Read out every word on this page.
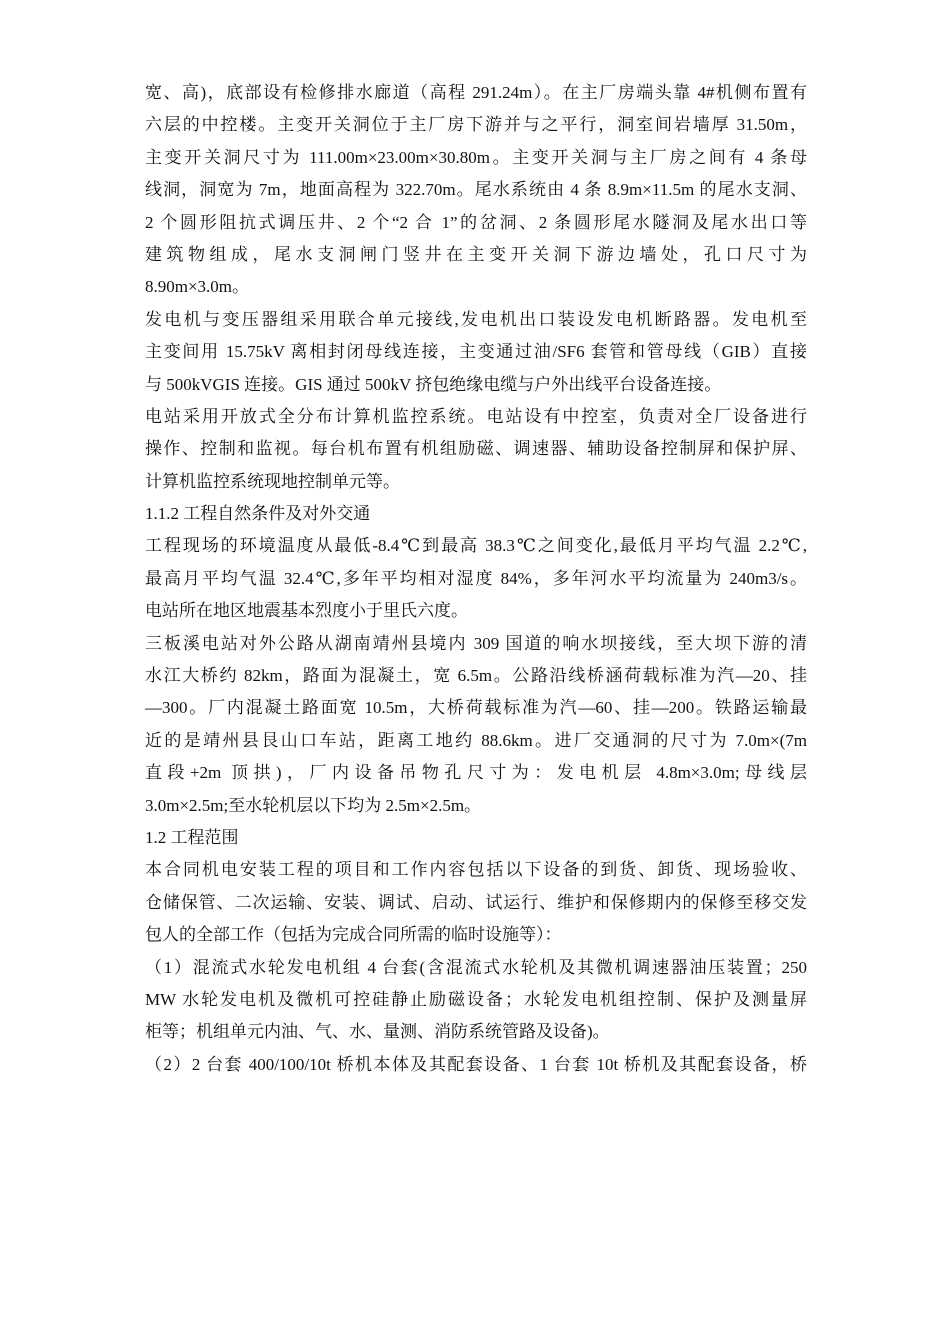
宽、高)，底部设有检修排水廊道（高程 291.24m）。在主厂房端头靠 4#机侧布置有
六层的中控楼。主变开关洞位于主厂房下游并与之平行，洞室间岩墙厚 31.50m，
主变开关洞尺寸为 111.00m×23.00m×30.80m。主变开关洞与主厂房之间有 4 条母
线洞，洞宽为 7m，地面高程为 322.70m。尾水系统由 4 条 8.9m×11.5m 的尾水支洞、
2 个圆形阻抗式调压井、2 个“2 合 1”的岔洞、2 条圆形尾水隧洞及尾水出口等
建筑物组成，尾水支洞闸门竖井在主变开关洞下游边墙处，孔口尺寸为
8.90m×3.0m。
发电机与变压器组采用联合单元接线,发电机出口装设发电机断路器。发电机至
主变间用 15.75kV 离相封闭母线连接，主变通过油/SF6 套管和管母线（GIB）直接
与 500kVGIS 连接。GIS 通过 500kV 挤包绝缘电缆与户外出线平台设备连接。
电站采用开放式全分布计算机监控系统。电站设有中控室，负责对全厂设备进行
操作、控制和监视。每台机布置有机组励磁、调速器、辅助设备控制屏和保护屏、
计算机监控系统现地控制单元等。
1.1.2 工程自然条件及对外交通
工程现场的环境温度从最低-8.4℃到最高 38.3℃之间变化,最低月平均气温 2.2℃,
最高月平均气温 32.4℃,多年平均相对湿度 84%，多年河水平均流量为 240m3/s。
电站所在地区地震基本烈度小于里氏六度。
三板溪电站对外公路从湖南靖州县境内 309 国道的响水坝接线，至大坝下游的清
水江大桥约 82km，路面为混凝土，宽 6.5m。公路沿线桥涵荷载标准为汽—20、挂
—300。厂内混凝土路面宽 10.5m，大桥荷载标准为汽—60、挂—200。铁路运输最
近的是靖州县艮山口车站，距离工地约 88.6km。进厂交通洞的尺寸为 7.0m×(7m
直段+2m 顶拱)，厂内设备吊物孔尺寸为：发电机层 4.8m×3.0m;母线层
3.0m×2.5m;至水轮机层以下均为 2.5m×2.5m。
1.2 工程范围
本合同机电安装工程的项目和工作内容包括以下设备的到货、卸货、现场验收、
仓储保管、二次运输、安装、调试、启动、试运行、维护和保修期内的保修至移交发
包人的全部工作（包括为完成合同所需的临时设施等）：
（1）混流式水轮发电机组 4 台套(含混流式水轮机及其微机调速器油压装置；250
MW 水轮发电机及微机可控硅静止励磁设备；水轮发电机组控制、保护及测量屏
柜等；机组单元内油、气、水、量测、消防系统管路及设备)。
（2）2 台套 400/100/10t 桥机本体及其配套设备、1 台套 10t 桥机及其配套设备，桥
